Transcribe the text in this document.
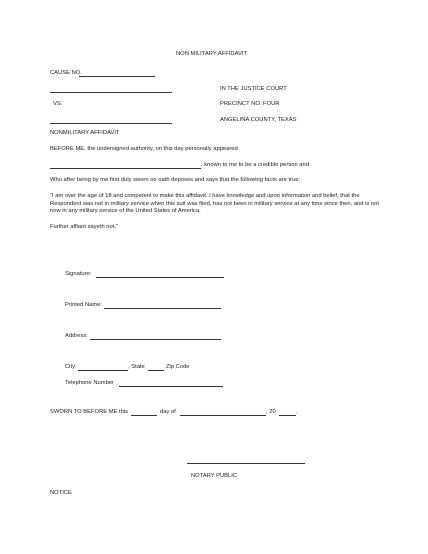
NON MILITARY AFFIDAVIT
CAUSE NO.
IN THE JUSTICE COURT
VS.	PRECINCT NO. FOUR
ANGELINA COUNTY, TEXAS
NONMILITARY AFFIDAVIT
BEFORE ME, the undersigned authority, on this day personally appeared
, known to me to be a credible person and
Who after being by me first duly sworn on oath deposes and says that the following facts are true:
“I am over the age of 18 and competent to make this affidavit. I have knowledge and upon information and belief, that the Respondent was not in military service when this suit was filed, has not been in military service at any time since then, and is not now in any military service of the United States of America.
Further affiant sayeth not.”
Signature:
Printed Name:
Address:
City:	, State	Zip Code
Telephone Number
SWORN TO BEFORE ME this	day of	, 20	.
NOTARY PUBLIC
NOTICE
